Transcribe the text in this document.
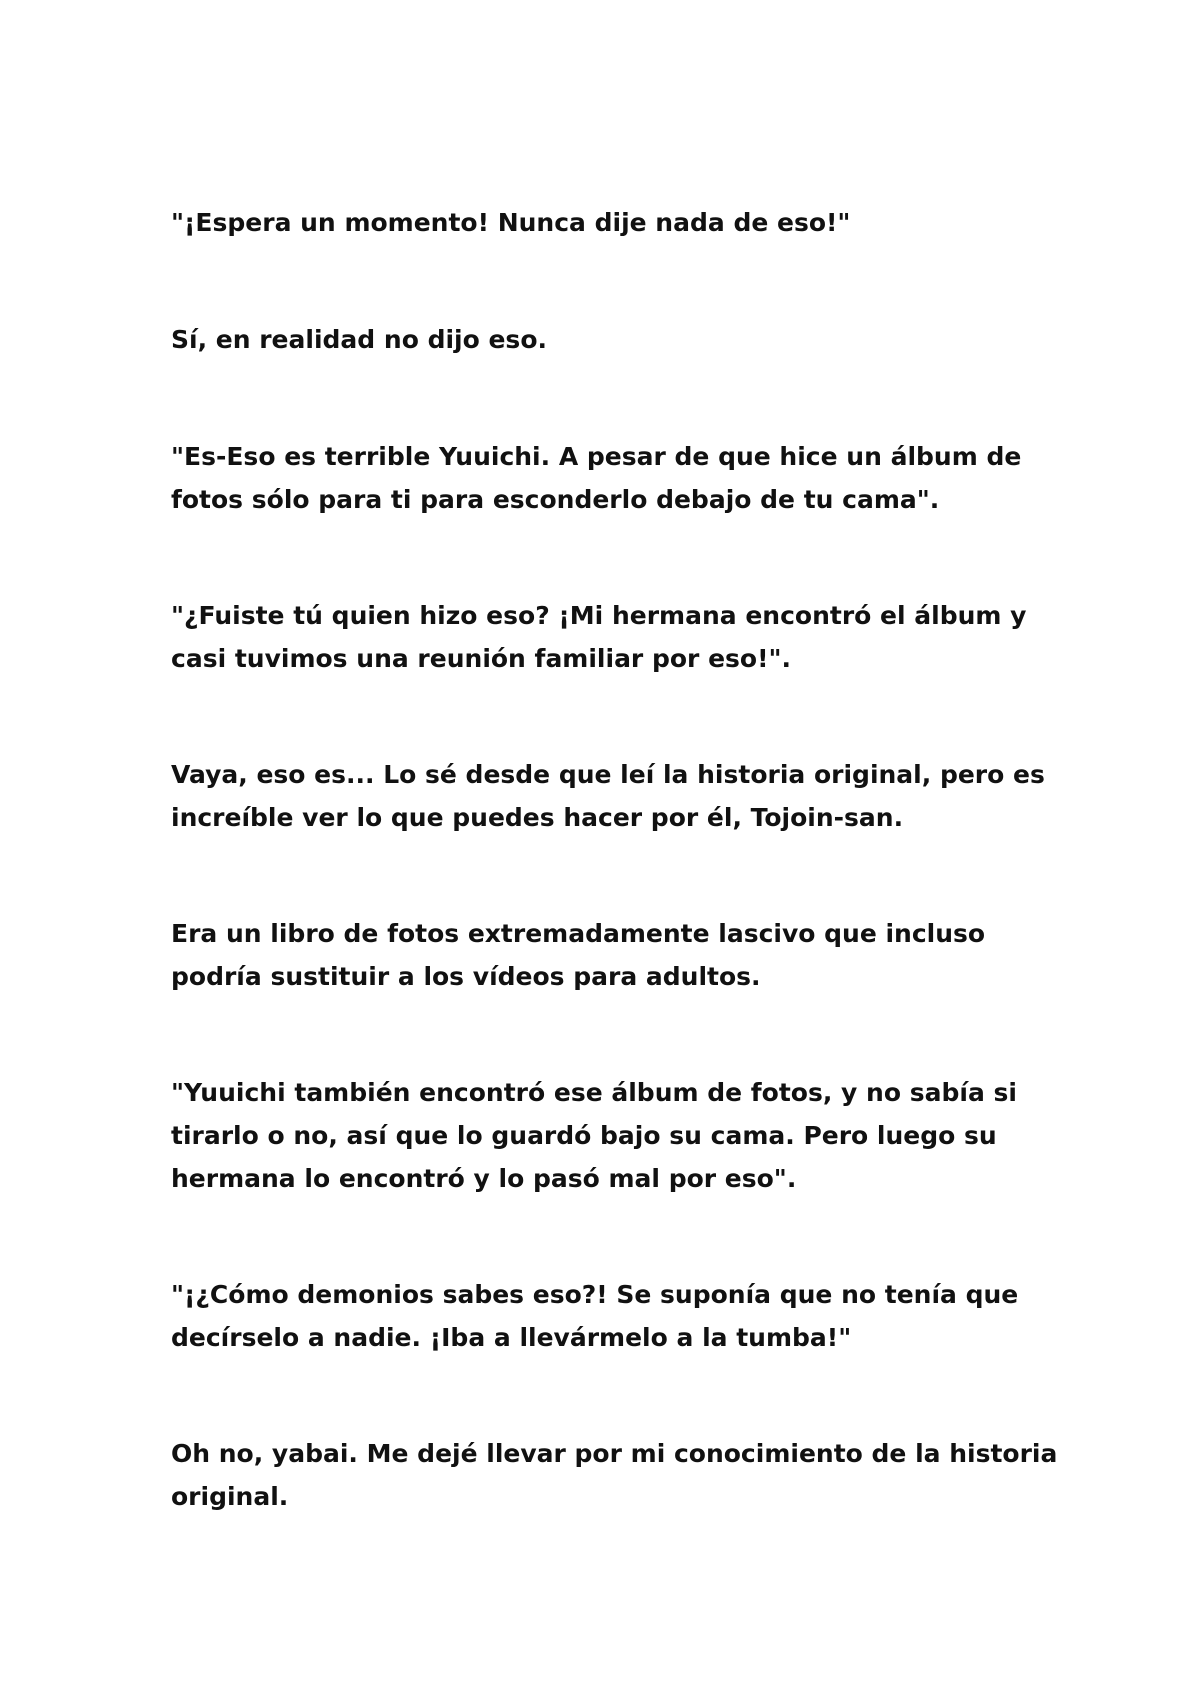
"¡Espera un momento! Nunca dije nada de eso!"

Sí, en realidad no dijo eso.

"Es-Eso es terrible Yuuichi. A pesar de que hice un álbum de
fotos sólo para ti para esconderlo debajo de tu cama".

"¿Fuiste tú quien hizo eso? ¡Mi hermana encontró el álbum y
casi tuvimos una reunión familiar por eso!".

Vaya, eso es... Lo sé desde que leí la historia original, pero es
increíble ver lo que puedes hacer por él, Tojoin-san.

Era un libro de fotos extremadamente lascivo que incluso
podría sustituir a los vídeos para adultos.

"Yuuichi también encontró ese álbum de fotos, y no sabía si
tirarlo o no, así que lo guardó bajo su cama. Pero luego su
hermana lo encontró y lo pasó mal por eso".

"¡¿Cómo demonios sabes eso?! Se suponía que no tenía que
decírselo a nadie. ¡Iba a llevármelo a la tumba!"

Oh no, yabai. Me dejé llevar por mi conocimiento de la historia
original.
